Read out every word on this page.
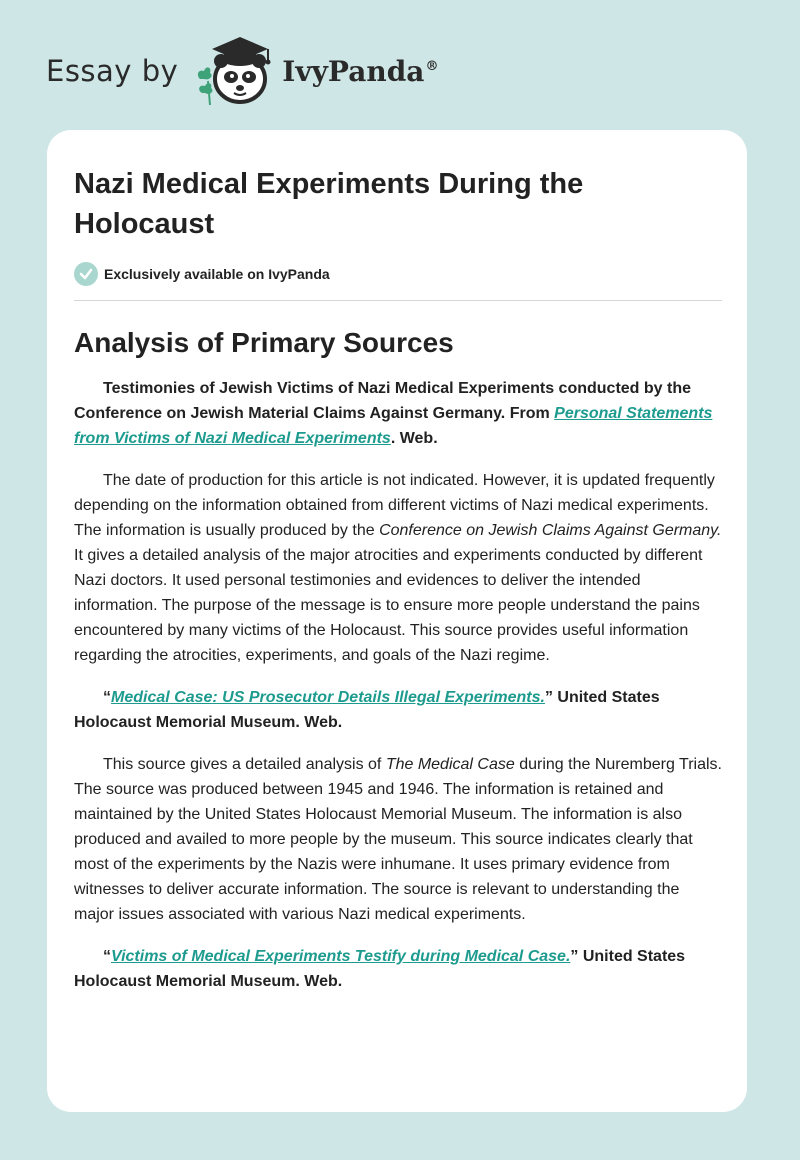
Essay by	IvyPanda®
Nazi Medical Experiments During the Holocaust
Exclusively available on IvyPanda
Analysis of Primary Sources

Testimonies of Jewish Victims of Nazi Medical Experiments conducted by the Conference on Jewish Material Claims Against Germany. From Personal Statements from Victims of Nazi Medical Experiments. Web.

The date of production for this article is not indicated. However, it is updated frequently depending on the information obtained from different victims of Nazi medical experiments. The information is usually produced by the Conference on Jewish Claims Against Germany. It gives a detailed analysis of the major atrocities and experiments conducted by different Nazi doctors. It used personal testimonies and evidences to deliver the intended information. The purpose of the message is to ensure more people understand the pains encountered by many victims of the Holocaust. This source provides useful information regarding the atrocities, experiments, and goals of the Nazi regime.

“Medical Case: US Prosecutor Details Illegal Experiments.” United States Holocaust Memorial Museum. Web.

This source gives a detailed analysis of The Medical Case during the Nuremberg Trials. The source was produced between 1945 and 1946. The information is retained and maintained by the United States Holocaust Memorial Museum. The information is also produced and availed to more people by the museum. This source indicates clearly that most of the experiments by the Nazis were inhumane. It uses primary evidence from witnesses to deliver accurate information. The source is relevant to understanding the major issues associated with various Nazi medical experiments.

“Victims of Medical Experiments Testify during Medical Case.” United States Holocaust Memorial Museum. Web.
